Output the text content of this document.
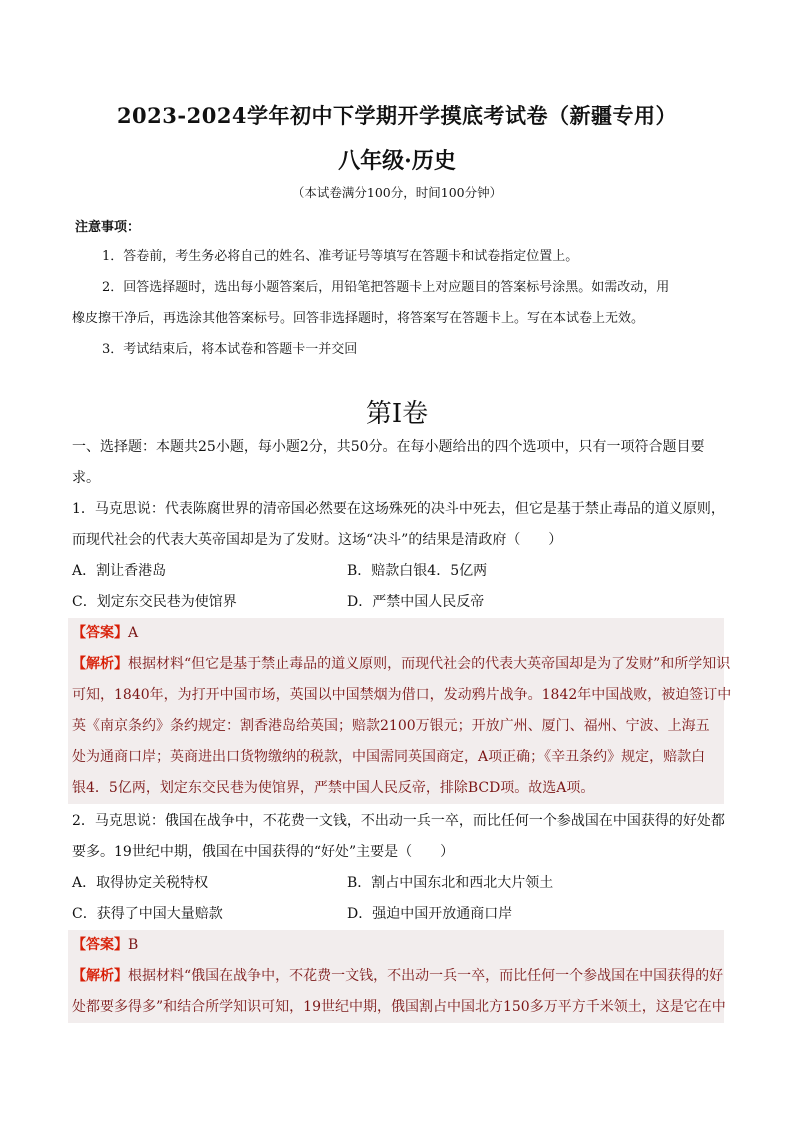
2023-2024学年初中下学期开学摸底考试卷（新疆专用）
八年级·历史
（本试卷满分100分，时间100分钟）
注意事项：
1．答卷前，考生务必将自己的姓名、准考证号等填写在答题卡和试卷指定位置上。
2．回答选择题时，选出每小题答案后，用铅笔把答题卡上对应题目的答案标号涂黑。如需改动，用
橡皮擦干净后，再选涂其他答案标号。回答非选择题时，将答案写在答题卡上。写在本试卷上无效。
3．考试结束后，将本试卷和答题卡一并交回
第Ⅰ卷
一、选择题：本题共25小题，每小题2分，共50分。在每小题给出的四个选项中，只有一项符合题目要
求。
1．马克思说：代表陈腐世界的清帝国必然要在这场殊死的决斗中死去，但它是基于禁止毒品的道义原则，
而现代社会的代表大英帝国却是为了发财。这场“决斗”的结果是清政府（　　）
A．割让香港岛	B．赔款白银4．5亿两
C．划定东交民巷为使馆界	D．严禁中国人民反帝
【答案】A
【解析】根据材料“但它是基于禁止毒品的道义原则，而现代社会的代表大英帝国却是为了发财”和所学知识
可知，1840年，为打开中国市场，英国以中国禁烟为借口，发动鸦片战争。1842年中国战败，被迫签订中
英《南京条约》条约规定：割香港岛给英国；赔款2100万银元；开放广州、厦门、福州、宁波、上海五
处为通商口岸；英商进出口货物缴纳的税款，中国需同英国商定，A项正确；《辛丑条约》规定，赔款白
银4．5亿两，划定东交民巷为使馆界，严禁中国人民反帝，排除BCD项。故选A项。
2．马克思说：俄国在战争中，不花费一文钱，不出动一兵一卒，而比任何一个参战国在中国获得的好处都
要多。19世纪中期，俄国在中国获得的“好处”主要是（　　）
A．取得协定关税特权	B．割占中国东北和西北大片领土
C．获得了中国大量赔款	D．强迫中国开放通商口岸
【答案】B
【解析】根据材料“俄国在战争中，不花费一文钱，不出动一兵一卒，而比任何一个参战国在中国获得的好
处都要多得多”和结合所学知识可知，19世纪中期，俄国割占中国北方150多万平方千米领土，这是它在中
